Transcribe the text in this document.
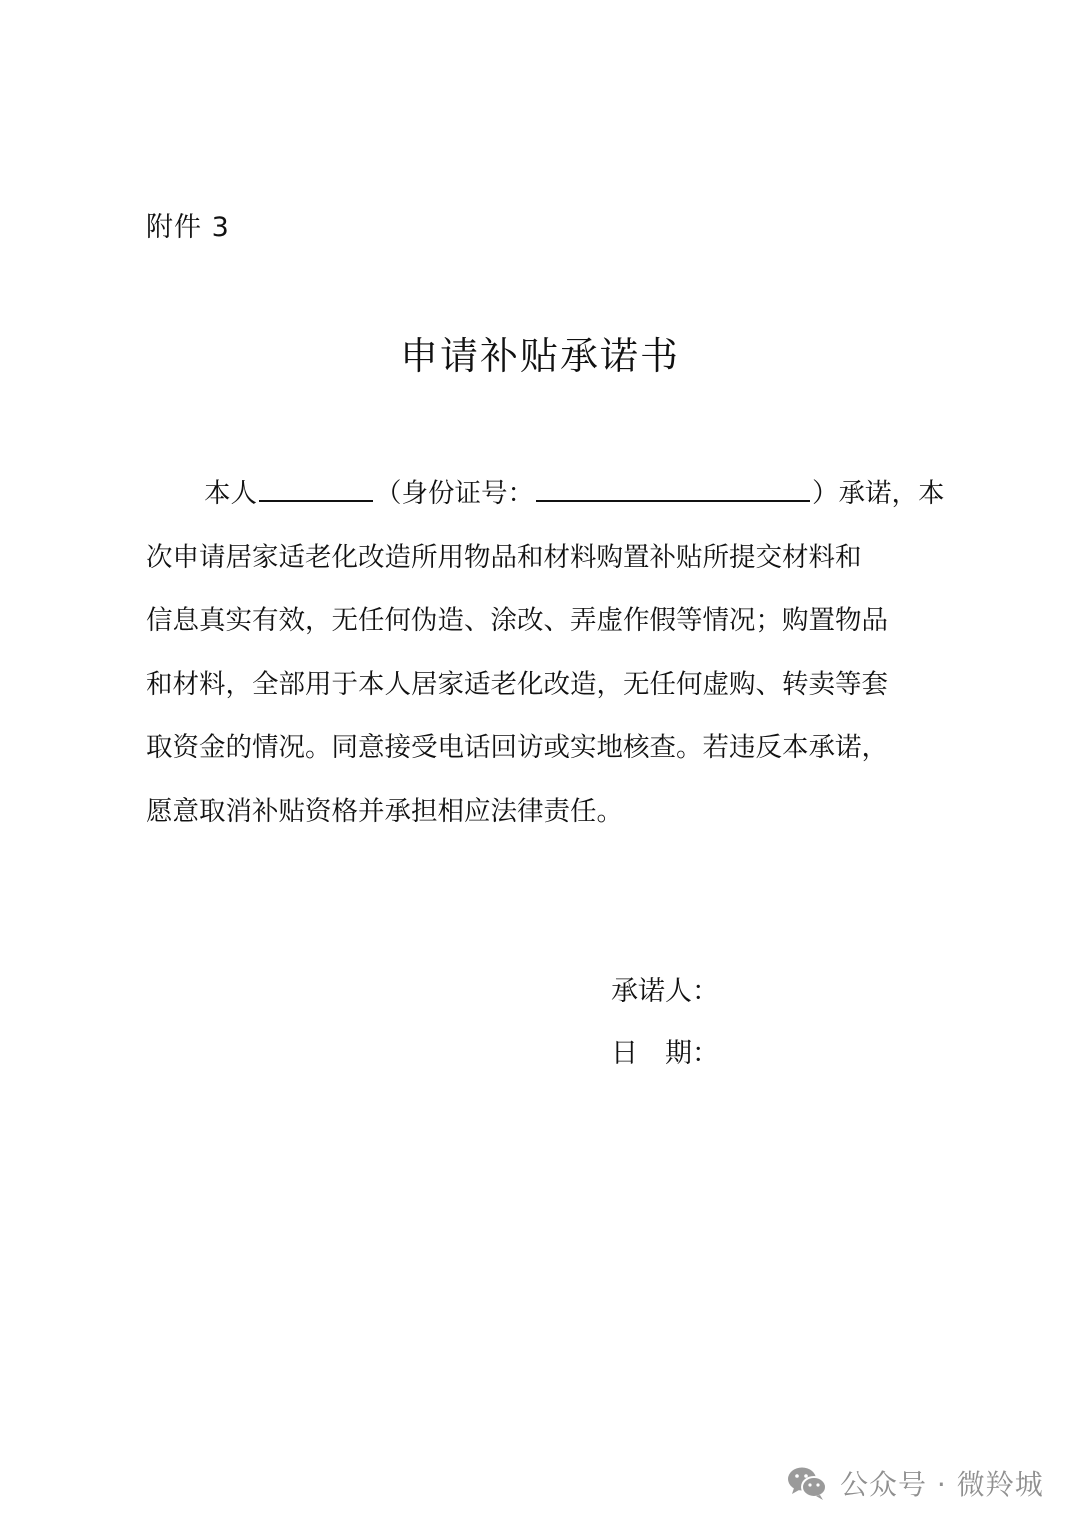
附件 3
申请补贴承诺书
本人	（身份证号：	）承诺，本
次申请居家适老化改造所用物品和材料购置补贴所提交材料和
信息真实有效，无任何伪造、涂改、弄虚作假等情况；购置物品
和材料，全部用于本人居家适老化改造，无任何虚购、转卖等套
取资金的情况。同意接受电话回访或实地核查。若违反本承诺，
愿意取消补贴资格并承担相应法律责任。
承诺人：
日　期：
公众号 · 微羚城
